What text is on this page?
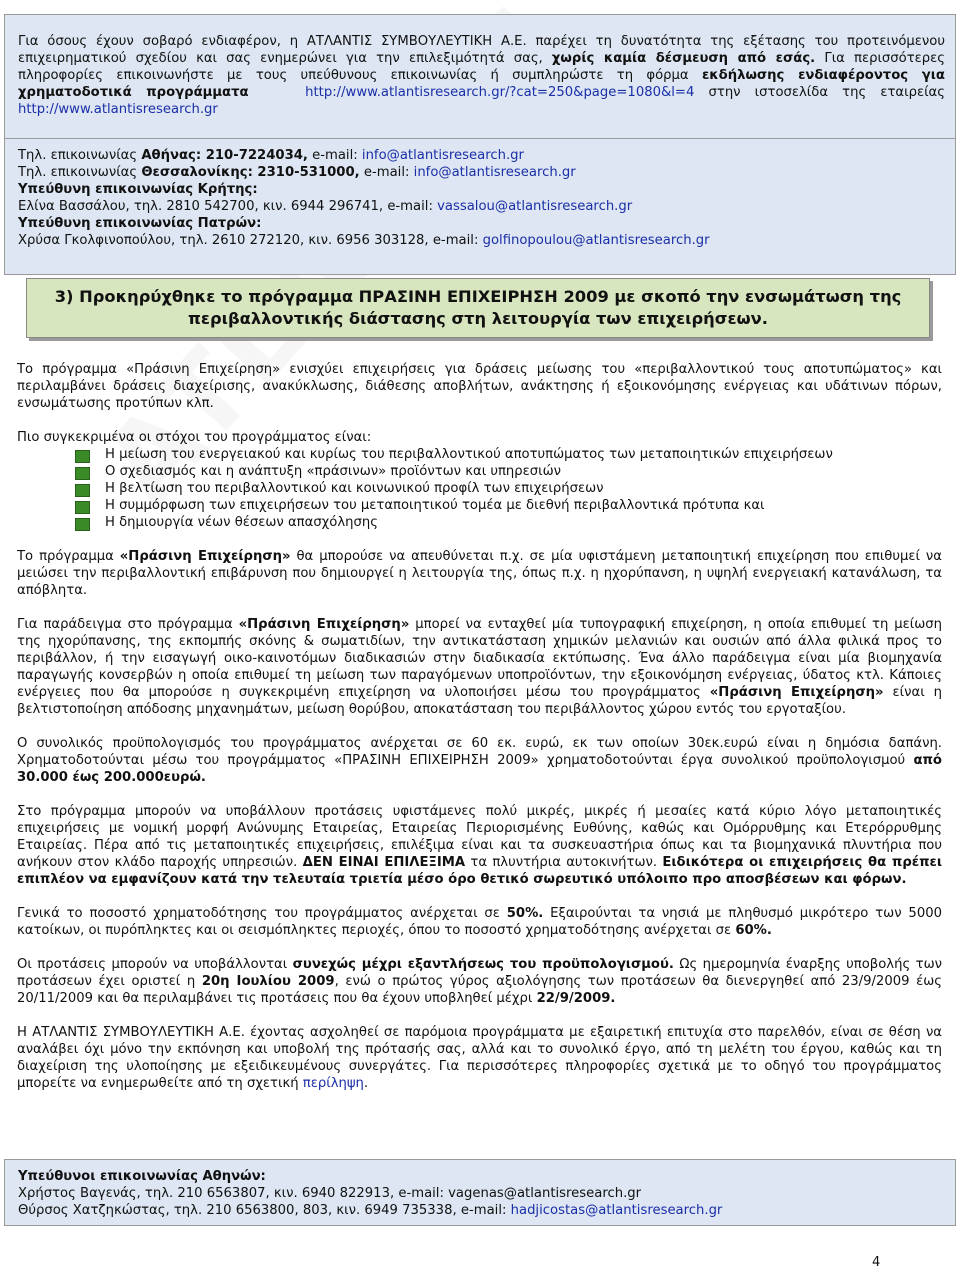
Για όσους έχουν σοβαρό ενδιαφέρον, η ΑΤΛΑΝΤΙΣ ΣΥΜΒΟΥΛΕΥΤΙΚΗ Α.Ε. παρέχει τη δυνατότητα της εξέτασης του προτεινόμενου επιχειρηματικού σχεδίου και σας ενημερώνει για την επιλεξιμότητά σας, χωρίς καμία δέσμευση από εσάς. Για περισσότερες πληροφορίες επικοινωνήστε με τους υπεύθυνους επικοινωνίας ή συμπληρώστε τη φόρμα εκδήλωσης ενδιαφέροντος για χρηματοδοτικά προγράμματα	http://www.atlantisresearch.gr/?cat=250&page=1080&l=4 στην ιστοσελίδα της εταιρείας http://www.atlantisresearch.gr
Τηλ. επικοινωνίας Αθήνας: 210-7224034, e-mail: info@atlantisresearch.gr
Τηλ. επικοινωνίας Θεσσαλονίκης: 2310-531000, e-mail: info@atlantisresearch.gr
Υπεύθυνη επικοινωνίας Κρήτης:
Ελίνα Βασσάλου, τηλ. 2810 542700, κιν. 6944 296741, e-mail: vassalou@atlantisresearch.gr
Υπεύθυνη επικοινωνίας Πατρών:
Χρύσα Γκολφινοπούλου, τηλ. 2610 272120, κιν. 6956 303128, e-mail: golfinopoulou@atlantisresearch.gr
3) Προκηρύχθηκε το πρόγραμμα ΠΡΑΣΙΝΗ ΕΠΙΧΕΙΡΗΣΗ 2009 με σκοπό την ενσωμάτωση της
περιβαλλοντικής διάστασης στη λειτουργία των επιχειρήσεων.

Το πρόγραμμα «Πράσινη Επιχείρηση» ενισχύει επιχειρήσεις για δράσεις μείωσης του «περιβαλλοντικού τους αποτυπώματος» και περιλαμβάνει δράσεις διαχείρισης, ανακύκλωσης, διάθεσης αποβλήτων, ανάκτησης ή εξοικονόμησης ενέργειας και υδάτινων πόρων, ενσωμάτωσης προτύπων κλπ.

Πιο συγκεκριμένα οι στόχοι του προγράμματος είναι:
Η μείωση του ενεργειακού και κυρίως του περιβαλλοντικού αποτυπώματος των μεταποιητικών επιχειρήσεων
Ο σχεδιασμός και η ανάπτυξη «πράσινων» προϊόντων και υπηρεσιών
Η βελτίωση του περιβαλλοντικού και κοινωνικού προφίλ των επιχειρήσεων
Η συμμόρφωση των επιχειρήσεων του μεταποιητικού τομέα με διεθνή περιβαλλοντικά πρότυπα και
Η δημιουργία νέων θέσεων απασχόλησης

Το πρόγραμμα «Πράσινη Επιχείρηση» θα μπορούσε να απευθύνεται π.χ. σε μία υφιστάμενη μεταποιητική επιχείρηση που επιθυμεί να μειώσει την περιβαλλοντική επιβάρυνση που δημιουργεί η λειτουργία της, όπως π.χ. η ηχορύπανση, η υψηλή ενεργειακή κατανάλωση, τα απόβλητα.

Για παράδειγμα στο πρόγραμμα «Πράσινη Επιχείρηση» μπορεί να ενταχθεί μία τυπογραφική επιχείρηση, η οποία επιθυμεί τη μείωση της ηχορύπανσης, της εκπομπής σκόνης & σωματιδίων, την αντικατάσταση χημικών μελανιών και ουσιών από άλλα φιλικά προς το περιβάλλον, ή την εισαγωγή οικο-καινοτόμων διαδικασιών στην διαδικασία εκτύπωσης. Ένα άλλο παράδειγμα είναι μία βιομηχανία παραγωγής κονσερβών η οποία επιθυμεί τη μείωση των παραγόμενων υποπροϊόντων, την εξοικονόμηση ενέργειας, ύδατος κτλ. Κάποιες ενέργειες που θα μπορούσε η συγκεκριμένη επιχείρηση να υλοποιήσει μέσω του προγράμματος «Πράσινη Επιχείρηση» είναι η βελτιστοποίηση απόδοσης μηχανημάτων, μείωση θορύβου, αποκατάσταση του περιβάλλοντος χώρου εντός του εργοταξίου.

Ο συνολικός προϋπολογισμός του προγράμματος ανέρχεται σε 60 εκ. ευρώ, εκ των οποίων 30εκ.ευρώ είναι η δημόσια δαπάνη. Χρηματοδοτούνται μέσω του προγράμματος «ΠΡΑΣΙΝΗ ΕΠΙΧΕΙΡΗΣΗ 2009» χρηματοδοτούνται έργα συνολικού προϋπολογισμού από 30.000 έως 200.000ευρώ.

Στο πρόγραμμα μπορούν να υποβάλλουν προτάσεις υφιστάμενες πολύ μικρές, μικρές ή μεσαίες κατά κύριο λόγο μεταποιητικές επιχειρήσεις με νομική μορφή Ανώνυμης Εταιρείας, Εταιρείας Περιορισμένης Ευθύνης, καθώς και Ομόρρυθμης και Ετερόρρυθμης Εταιρείας. Πέρα από τις μεταποιητικές επιχειρήσεις, επιλέξιμα είναι και τα συσκευαστήρια όπως και τα βιομηχανικά πλυντήρια που ανήκουν στον κλάδο παροχής υπηρεσιών. ΔΕΝ ΕΙΝΑΙ ΕΠΙΛΕΞΙΜΑ τα πλυντήρια αυτοκινήτων. Ειδικότερα οι επιχειρήσεις θα πρέπει επιπλέον να εμφανίζουν κατά την τελευταία τριετία μέσο όρο θετικό σωρευτικό υπόλοιπο προ αποσβέσεων και φόρων.

Γενικά το ποσοστό χρηματοδότησης του προγράμματος ανέρχεται σε 50%. Εξαιρούνται τα νησιά με πληθυσμό μικρότερο των 5000 κατοίκων, οι πυρόπληκτες και οι σεισμόπληκτες περιοχές, όπου το ποσοστό χρηματοδότησης ανέρχεται σε 60%.

Οι προτάσεις μπορούν να υποβάλλονται συνεχώς μέχρι εξαντλήσεως του προϋπολογισμού. Ως ημερομηνία έναρξης υποβολής των προτάσεων έχει οριστεί η 20η Ιουλίου 2009, ενώ ο πρώτος γύρος αξιολόγησης των προτάσεων θα διενεργηθεί από 23/9/2009 έως 20/11/2009 και θα περιλαμβάνει τις προτάσεις που θα έχουν υποβληθεί μέχρι 22/9/2009.

Η ΑΤΛΑΝΤΙΣ ΣΥΜΒΟΥΛΕΥΤΙΚΗ Α.Ε. έχοντας ασχοληθεί σε παρόμοια προγράμματα με εξαιρετική επιτυχία στο παρελθόν, είναι σε θέση να αναλάβει όχι μόνο την εκπόνηση και υποβολή της πρότασής σας, αλλά και το συνολικό έργο, από τη μελέτη του έργου, καθώς και τη διαχείριση της υλοποίησης με εξειδικευμένους συνεργάτες. Για περισσότερες πληροφορίες σχετικά με το οδηγό του προγράμματος μπορείτε να ενημερωθείτε από τη σχετική περίληψη.

Υπεύθυνοι επικοινωνίας Αθηνών:
Χρήστος Βαγενάς, τηλ. 210 6563807, κιν. 6940 822913, e-mail: vagenas@atlantisresearch.gr
Θύρσος Χατζηκώστας, τηλ. 210 6563800, 803, κιν. 6949 735338, e-mail: hadjicostas@atlantisresearch.gr
4
